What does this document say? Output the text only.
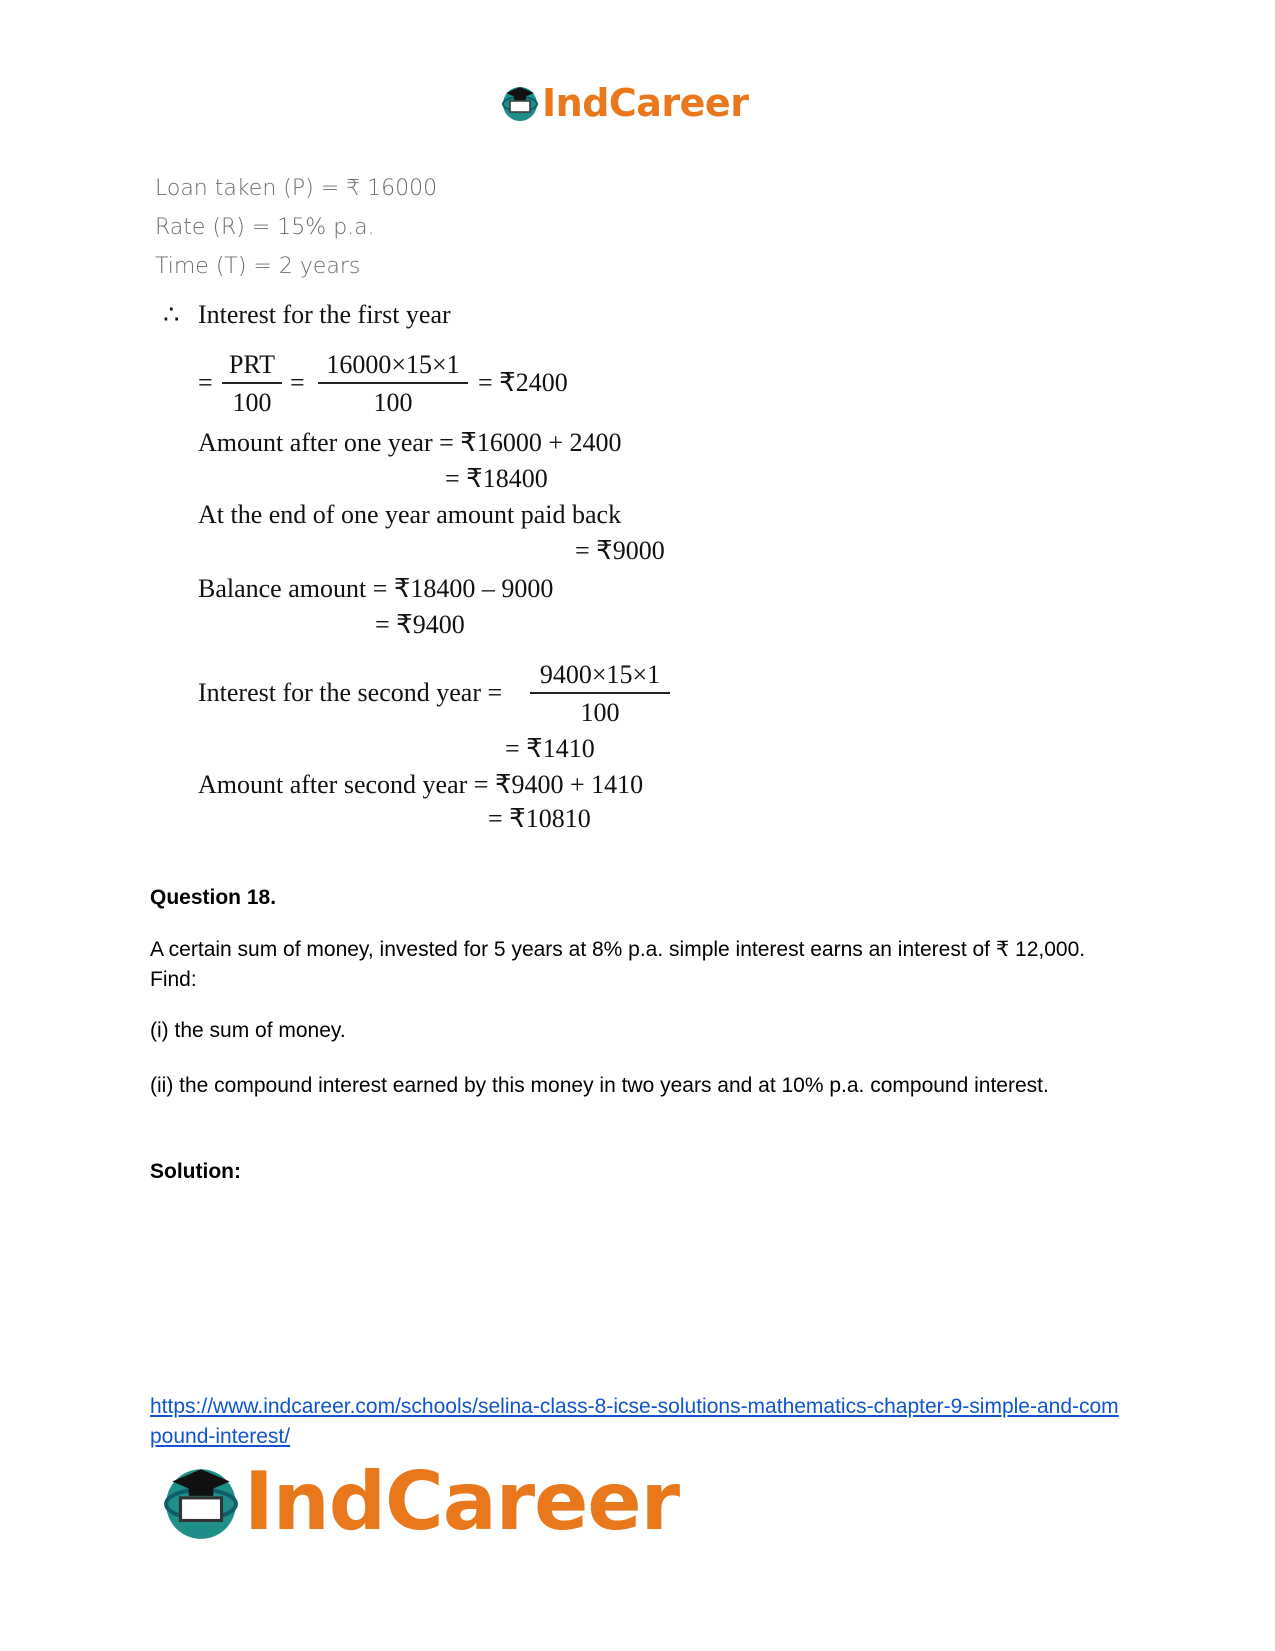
IndCareer
Loan taken (P) = ₹ 16000
Rate (R) = 15% p.a.
Time (T) = 2 years
∴ Interest for the first year
=
PRT
100
=
16000×15×1
100
= ₹2400
Amount after one year = ₹16000 + 2400
= ₹18400
At the end of one year amount paid back
= ₹9000
Balance amount = ₹18400 – 9000
= ₹9400
Interest for the second year =
9400×15×1
100
= ₹1410
Amount after second year = ₹9400 + 1410
= ₹10810
Question 18.
A certain sum of money, invested for 5 years at 8% p.a. simple interest earns an interest of ₹ 12,000. Find:
(i) the sum of money.
(ii) the compound interest earned by this money in two years and at 10% p.a. compound interest.
Solution:
https://www.indcareer.com/schools/selina-class-8-icse-solutions-mathematics-chapter-9-simple-and-compound-interest/
IndCareer
